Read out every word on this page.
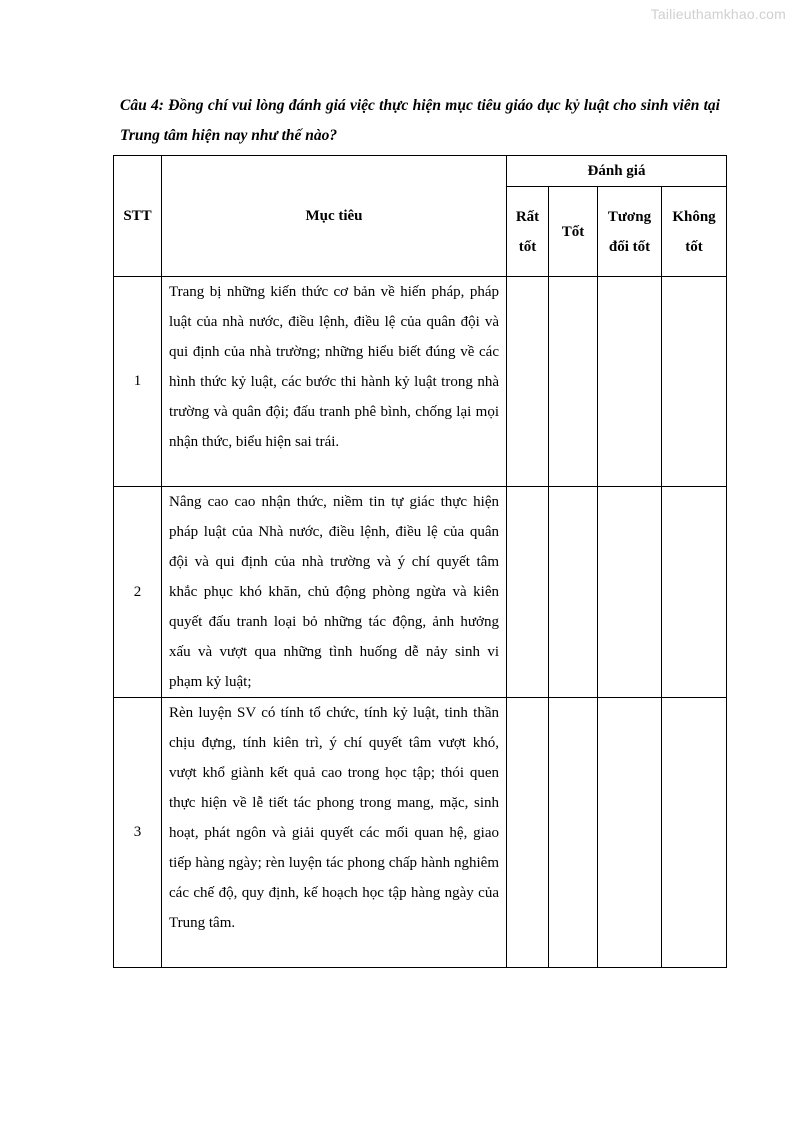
Tailieuthamkhao.com
Câu 4: Đồng chí vui lòng đánh giá việc thực hiện mục tiêu giáo dục kỷ luật cho sinh viên tại Trung tâm hiện nay như thế nào?
STT	Mục tiêu	Đánh giá			
		Rất tốt	Tốt	Tương đối tốt	Không tốt
1	Trang bị những kiến thức cơ bản về hiến pháp, pháp luật của nhà nước, điều lệnh, điều lệ của quân đội và qui định của nhà trường; những hiểu biết đúng về các hình thức kỷ luật, các bước thi hành kỷ luật trong nhà trường và quân đội; đấu tranh phê bình, chống lại mọi nhận thức, biểu hiện sai trái.				

2	Nâng cao cao nhận thức, niềm tin tự giác thực hiện pháp luật của Nhà nước, điều lệnh, điều lệ của quân đội và qui định của nhà trường và ý chí quyết tâm khắc phục khó khăn, chủ động phòng ngừa và kiên quyết đấu tranh loại bỏ những tác động, ảnh hưởng xấu và vượt qua những tình huống dễ nảy sinh vi phạm kỷ luật;				

3	Rèn luyện SV có tính tổ chức, tính kỷ luật, tinh thần chịu đựng, tính kiên trì, ý chí quyết tâm vượt khó, vượt khổ giành kết quả cao trong học tập; thói quen thực hiện về lễ tiết tác phong trong mang, mặc, sinh hoạt, phát ngôn và giải quyết các mối quan hệ, giao tiếp hàng ngày; rèn luyện tác phong chấp hành nghiêm các chế độ, quy định, kế hoạch học tập hàng ngày của Trung tâm.				
